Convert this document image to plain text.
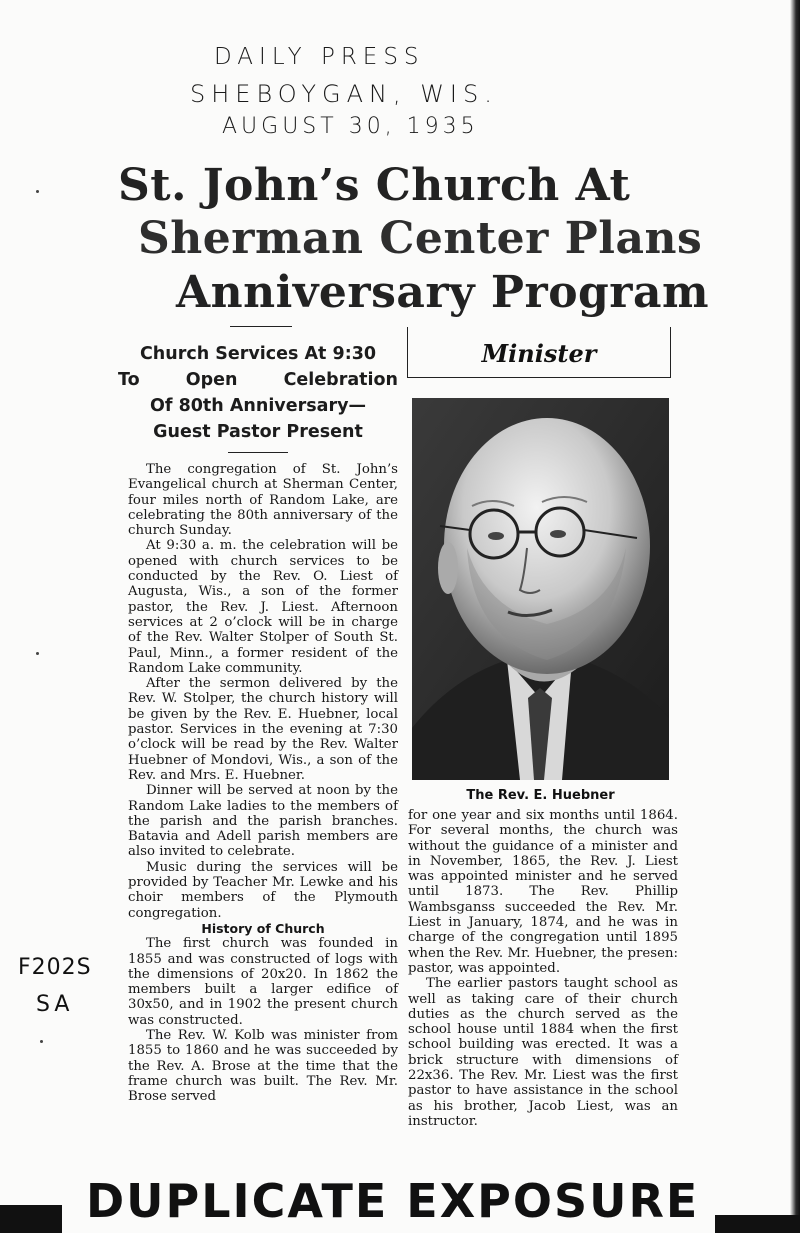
DAILY PRESS
SHEBOYGAN, WIS.
AUGUST 30, 1935
St. John’s Church At
Sherman Center Plans
Anniversary Program
Church Services At 9:30
To	Open	Celebration
Of 80th Anniversary—
Guest Pastor Present
Minister
The Rev. E. Huebner

The congregation of St. John’s Evangelical church at Sherman Center, four miles north of Random Lake, are celebrating the 80th anniversary of the church Sunday.

At 9:30 a. m. the celebration will be opened with church services to be conducted by the Rev. O. Liest of Augusta, Wis., a son of the former pastor, the Rev. J. Liest. Afternoon services at 2 o’clock will be in charge of the Rev. Walter Stolper of South St. Paul, Minn., a former resident of the Random Lake community.

After the sermon delivered by the Rev. W. Stolper, the church history will be given by the Rev. E. Huebner, local pastor. Services in the evening at 7:30 o’clock will be read by the Rev. Walter Huebner of Mondovi, Wis., a son of the Rev. and Mrs. E. Huebner.

Dinner will be served at noon by the Random Lake ladies to the members of the parish and the parish branches. Batavia and Adell parish members are also invited to celebrate.

Music during the services will be provided by Teacher Mr. Lewke and his choir members of the Plymouth congregation.

History of Church

The first church was founded in 1855 and was constructed of logs with the dimensions of 20x20. In 1862 the members built a larger edifice of 30x50, and in 1902 the present church was constructed.

The Rev. W. Kolb was minister from 1855 to 1860 and he was succeeded by the Rev. A. Brose at the time that the frame church was built. The Rev. Mr. Brose served

for one year and six months until 1864. For several months, the church was without the guidance of a minister and in November, 1865, the Rev. J. Liest was appointed minister and he served until 1873. The Rev. Phillip Wambsganss succeeded the Rev. Mr. Liest in January, 1874, and he was in charge of the congregation until 1895 when the Rev. Mr. Huebner, the presen: pastor, was appointed.

The earlier pastors taught school as well as taking care of their church duties as the church served as the school house until 1884 when the first school building was erected. It was a brick structure with dimensions of 22x36. The Rev. Mr. Liest was the first pastor to have assistance in the school as his brother, Jacob Liest, was an instructor.

F202S
SA
DUPLICATE EXPOSURE
